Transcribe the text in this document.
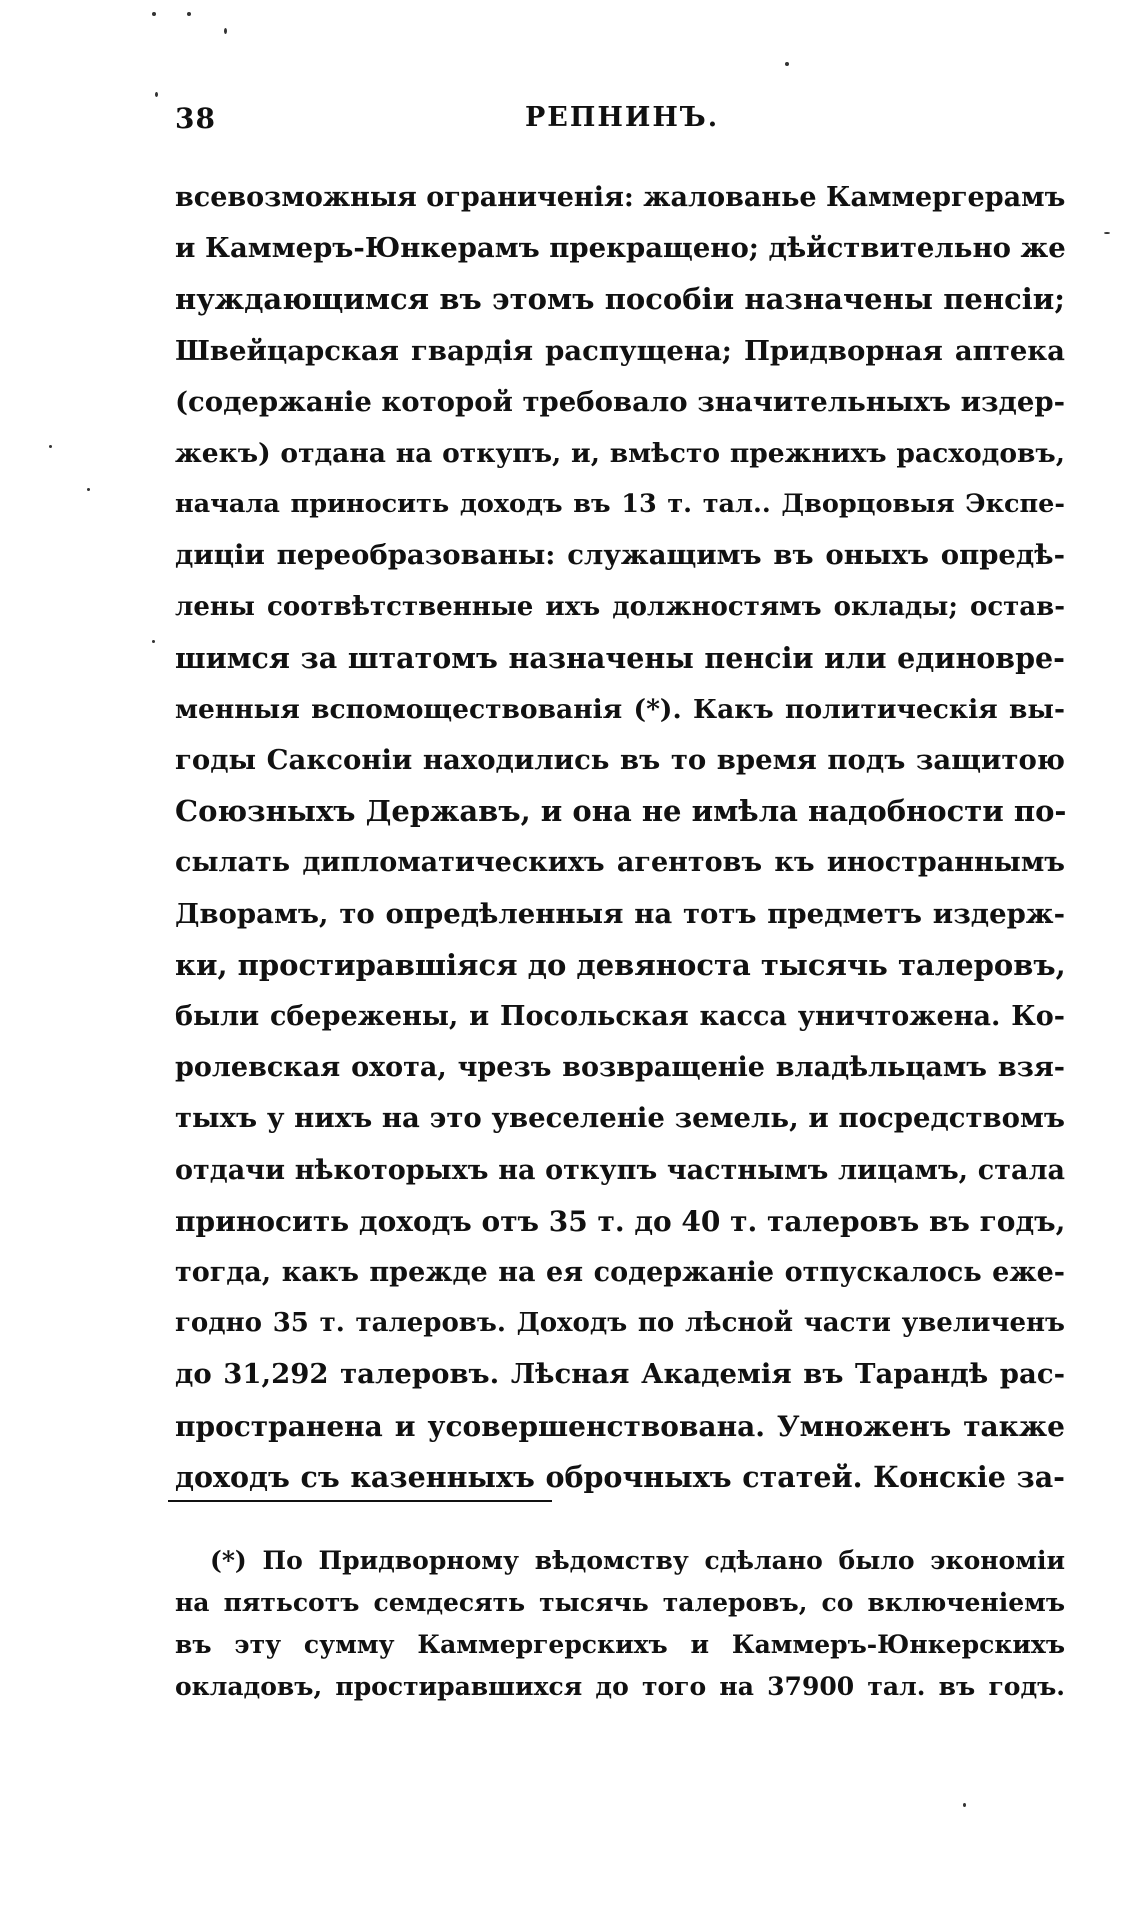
38	РЕПНИНЪ.
всевозможныя ограниченія: жалованье Каммергерамъ
и Каммеръ-Юнкерамъ прекращено; дѣйствительно же
нуждающимся въ этомъ пособіи назначены пенсіи;
Швейцарская гвардія распущена; Придворная аптека
(содержаніе которой требовало значительныхъ издер-
жекъ) отдана на откупъ, и, вмѣсто прежнихъ расходовъ,
начала приносить доходъ въ 13 т. тал.. Дворцовыя Экспе-
диціи переобразованы: служащимъ въ оныхъ опредѣ-
лены соотвѣтственные ихъ должностямъ оклады; остав-
шимся за штатомъ назначены пенсіи или единовре-
менныя вспомоществованія (*). Какъ политическія вы-
годы Саксоніи находились въ то время подъ защитою
Союзныхъ Державъ, и она не имѣла надобности по-
сылать дипломатическихъ агентовъ къ иностраннымъ
Дворамъ, то опредѣленныя на тотъ предметъ издерж-
ки, простиравшіяся до девяноста тысячь талеровъ,
были сбережены, и Посольская касса уничтожена. Ко-
ролевская охота, чрезъ возвращеніе владѣльцамъ взя-
тыхъ у нихъ на это увеселеніе земель, и посредствомъ
отдачи нѣкоторыхъ на откупъ частнымъ лицамъ, стала
приносить доходъ отъ 35 т. до 40 т. талеровъ въ годъ,
тогда, какъ прежде на ея содержаніе отпускалось еже-
годно 35 т. талеровъ. Доходъ по лѣсной части увеличенъ
до 31,292 талеровъ. Лѣсная Академія въ Тарандѣ рас-
пространена и усовершенствована. Умноженъ также
доходъ съ казенныхъ оброчныхъ статей. Конскіе за-
(*) По Придворному вѣдомству сдѣлано было экономіи
на пятьсотъ семдесять тысячь талеровъ, со включеніемъ
въ эту сумму Каммергерскихъ и Каммеръ-Юнкерскихъ
окладовъ, простиравшихся до того на 37900 тал. въ годъ.
